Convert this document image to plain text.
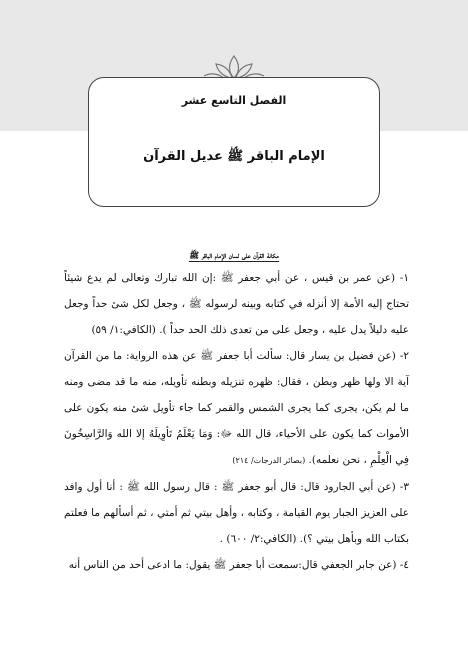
الفصل التاسع عشر
الإمام الباقر ﷺ عديل القرآن
مكانة القرآن على لسان الإمام الباقر ﷺ

١- (عن عمر بن قيس ، عن أبي جعفر ﷺ :إن الله تبارك وتعالى لم يدع شيئاً تحتاج إليه الأمة إلا أنزله في كتابه وبينه لرسوله ﷺ ، وجعل لكل شئ حداً وجعل عليه دليلاً يدل عليه ، وجعل على من تعدى ذلك الحد حداً ). (الكافي:١/ ٥٩)

٢- (عن فضيل بن يسار قال: سألت أبا جعفر ﷺ عن هذه الرواية: ما من القرآن آية الا ولها ظهر وبطن ، فقال: ظهره تنزيله وبطنه تأويله، منه ما قد مضى ومنه ما لم يكن، يجرى كما يجرى الشمس والقمر كما جاء تأويل شئ منه يكون على الأموات كما يكون على الأحياء، قال الله ﷻ: وَمَا يَعْلَمُ تَأوِيلَهُ إلا الله وَالرَّاسِخُونَ فِي الْعِلْمِ ، نحن نعلمه). (بصائر الدرجات/ ٢١٤)

٣- (عن أبي الجارود قال: قال أبو جعفر ﷺ : قال رسول الله ﷺ : أنا أول وافد على العزيز الجبار يوم القيامة ، وكتابه ، وأهل بيتي ثم أمتي ، ثم أسألهم ما فعلتم بكتاب الله وبأهل بيتي ؟). (الكافي:٢/ ٦٠٠) .

٤- (عن جابر الجعفي قال:سمعت أبا جعفر ﷺ يقول: ما ادعى أحد من الناس أنه
